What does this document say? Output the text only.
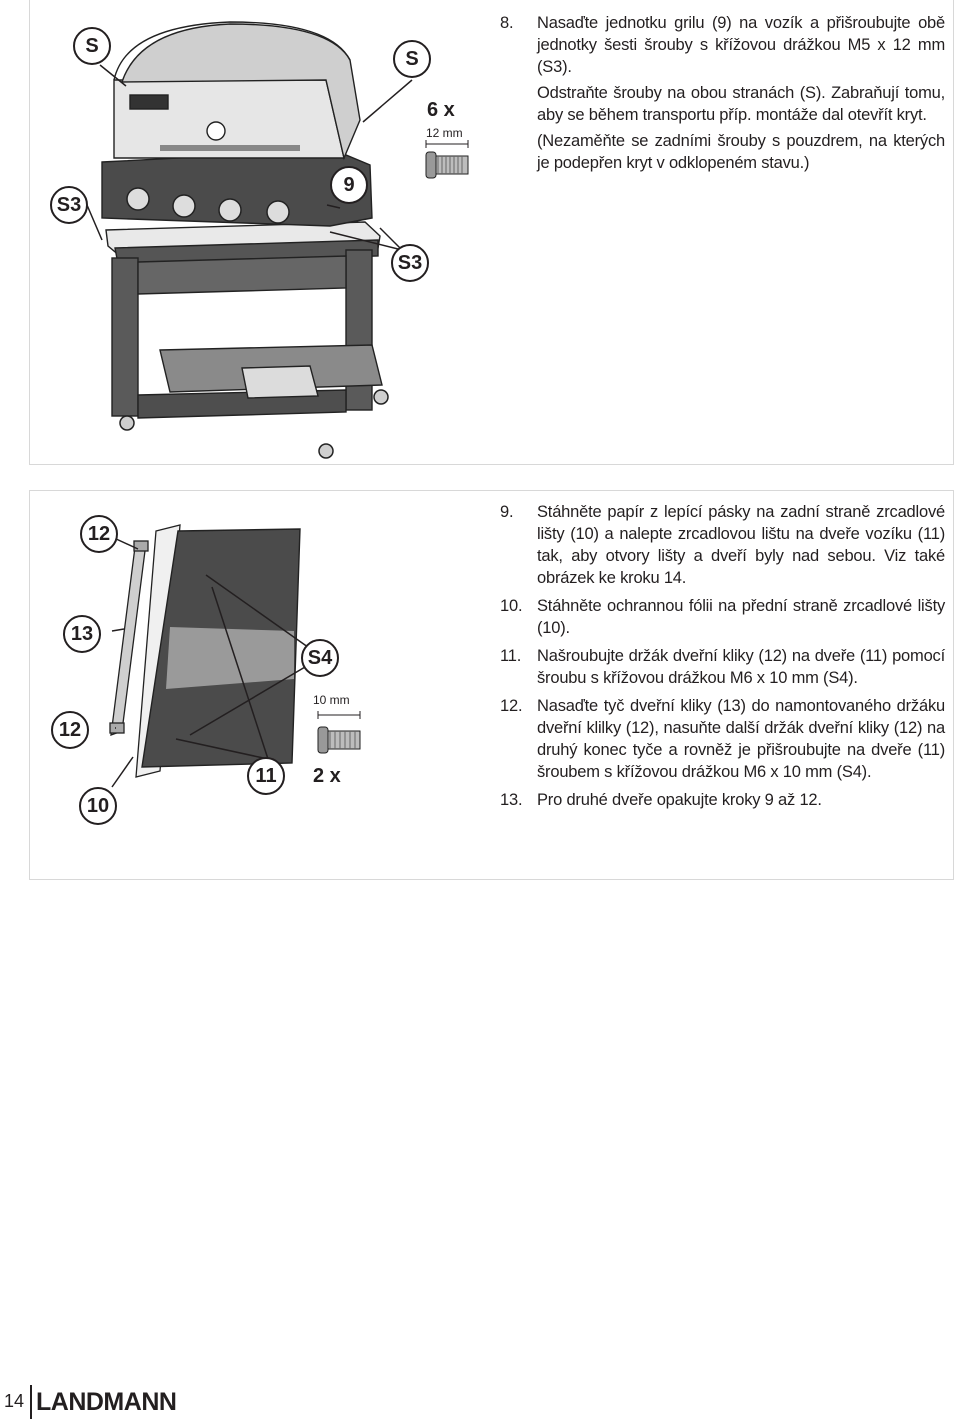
S
S
S3
9
S3
6 x
12 mm
8. Nasaďte jednotku grilu (9) na vozík a přišroubujte obě jednotky šesti šrouby s křížovou drážkou M5 x 12 mm (S3).

Odstraňte šrouby na obou stranách (S). Zabraňují tomu, aby se během transportu příp. montáže dal otevřít kryt.

(Nezaměňte se zadními šrouby s pouzdrem, na kterých je podepřen kryt v odklopeném stavu.)

12
13
12
10
11
S4
10 mm
2 x
9. Stáhněte papír z lepící pásky na zadní straně zrcadlové lišty (10) a nalepte zrcadlovou lištu na dveře vozíku (11) tak, aby otvory lišty a dveří byly nad sebou. Viz také obrázek ke kroku 14.

10. Stáhněte ochrannou fólii na přední straně zrcadlové lišty (10).

11. Našroubujte držák dveřní kliky (12) na dveře (11) pomocí šroubu s křížovou drážkou M6 x 10 mm (S4).

12. Nasaďte tyč dveřní kliky (13) do namontovaného držáku dveřní klilky (12), nasuňte další držák dveřní kliky (12) na druhý konec tyče a rovněž je přišroubujte na dveře (11) šroubem s křížovou drážkou M6 x 10 mm (S4).

13. Pro druhé dveře opakujte kroky 9 až 12.

14 LANDMANN
